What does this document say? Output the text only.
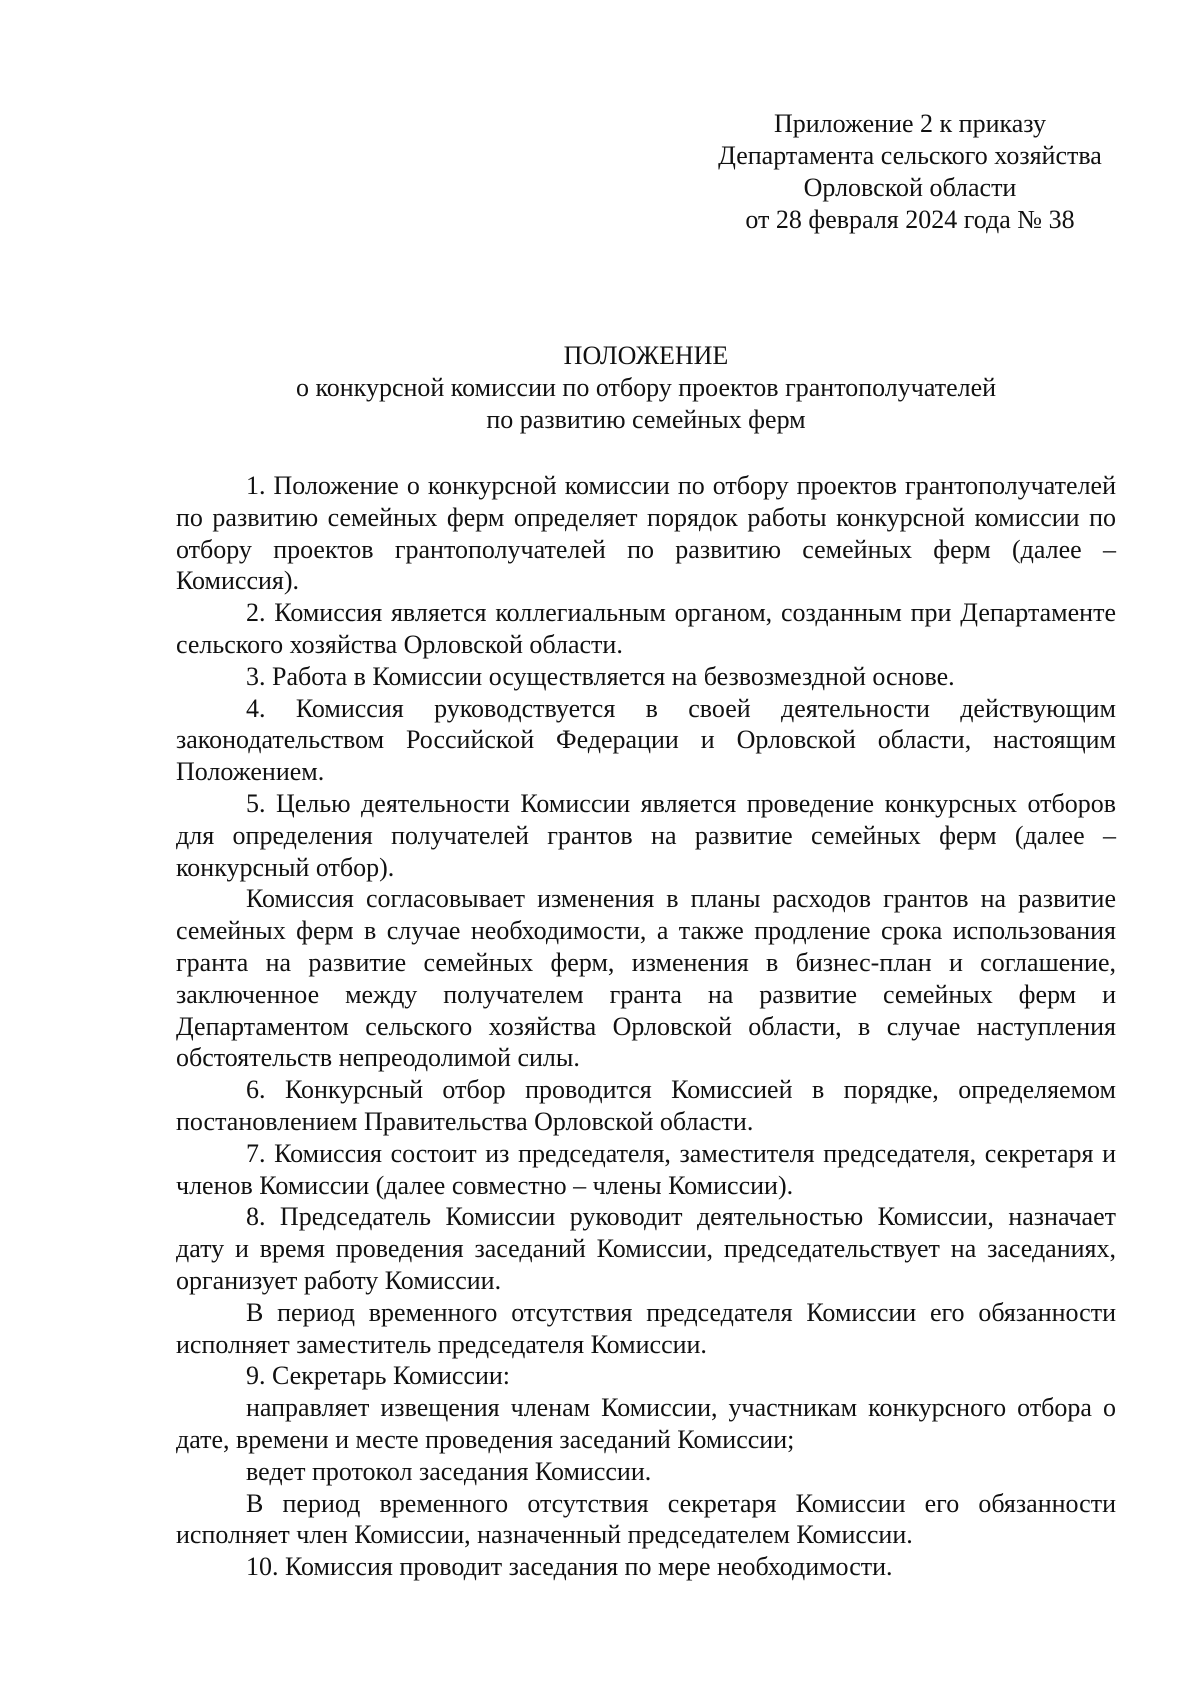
Приложение 2 к приказу
Департамента сельского хозяйства
Орловской области
от 28 февраля 2024 года № 38
ПОЛОЖЕНИЕ
о конкурсной комиссии по отбору проектов грантополучателей
по развитию семейных ферм

1. Положение о конкурсной комиссии по отбору проектов грантополучателей по развитию семейных ферм определяет порядок работы конкурсной комиссии по отбору проектов грантополучателей по развитию семейных ферм (далее – Комиссия).

2. Комиссия является коллегиальным органом, созданным при Департаменте сельского хозяйства Орловской области.

3. Работа в Комиссии осуществляется на безвозмездной основе.

4. Комиссия руководствуется в своей деятельности действующим законодательством Российской Федерации и Орловской области, настоящим Положением.

5. Целью деятельности Комиссии является проведение конкурсных отборов для определения получателей грантов на развитие семейных ферм (далее – конкурсный отбор).

Комиссия согласовывает изменения в планы расходов грантов на развитие семейных ферм в случае необходимости, а также продление срока использования гранта на развитие семейных ферм, изменения в бизнес-план и соглашение, заключенное между получателем гранта на развитие семейных ферм и Департаментом сельского хозяйства Орловской области, в случае наступления обстоятельств непреодолимой силы.

6. Конкурсный отбор проводится Комиссией в порядке, определяемом постановлением Правительства Орловской области.

7. Комиссия состоит из председателя, заместителя председателя, секретаря и членов Комиссии (далее совместно – члены Комиссии).

8. Председатель Комиссии руководит деятельностью Комиссии, назначает дату и время проведения заседаний Комиссии, председательствует на заседаниях, организует работу Комиссии.

В период временного отсутствия председателя Комиссии его обязанности исполняет заместитель председателя Комиссии.

9. Секретарь Комиссии:

направляет извещения членам Комиссии, участникам конкурсного отбора о дате, времени и месте проведения заседаний Комиссии;

ведет протокол заседания Комиссии.

В период временного отсутствия секретаря Комиссии его обязанности исполняет член Комиссии, назначенный председателем Комиссии.

10. Комиссия проводит заседания по мере необходимости.
